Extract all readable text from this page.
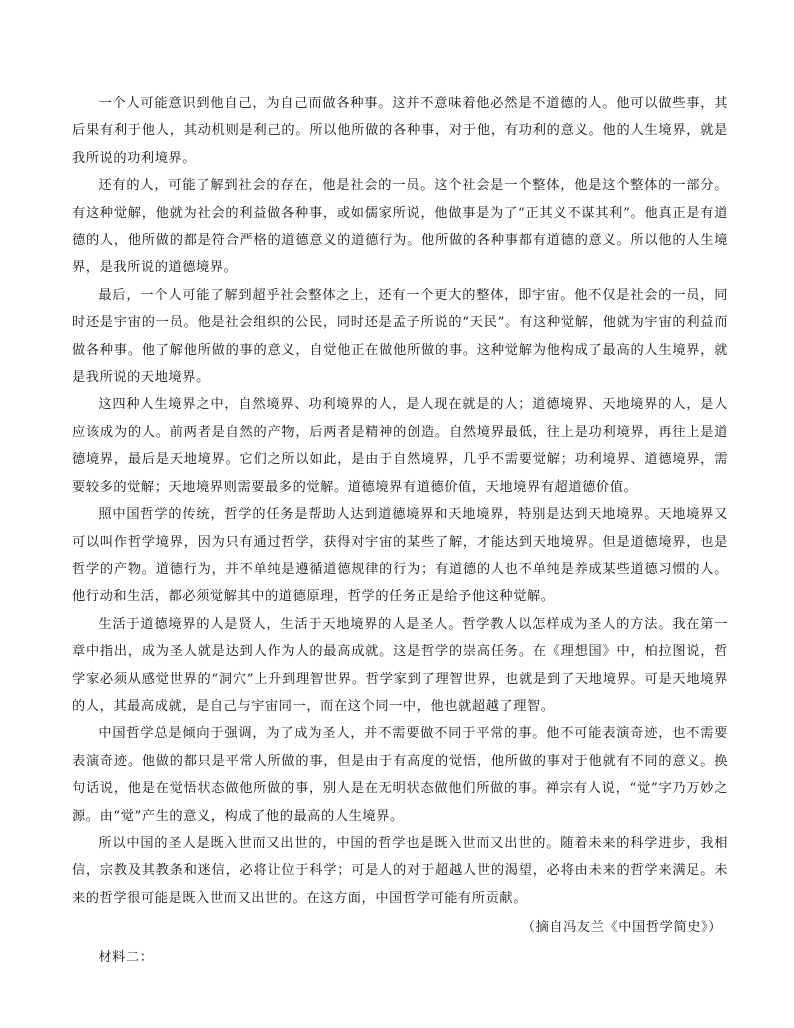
一个人可能意识到他自己，为自己而做各种事。这并不意味着他必然是不道德的人。他可以做些事，其后果有利于他人，其动机则是利己的。所以他所做的各种事，对于他，有功利的意义。他的人生境界，就是我所说的功利境界。

还有的人，可能了解到社会的存在，他是社会的一员。这个社会是一个整体，他是这个整体的一部分。有这种觉解，他就为社会的利益做各种事，或如儒家所说，他做事是为了“正其义不谋其利”。他真正是有道德的人，他所做的都是符合严格的道德意义的道德行为。他所做的各种事都有道德的意义。所以他的人生境界，是我所说的道德境界。

最后，一个人可能了解到超乎社会整体之上，还有一个更大的整体，即宇宙。他不仅是社会的一员，同时还是宇宙的一员。他是社会组织的公民，同时还是孟子所说的“天民”。有这种觉解，他就为宇宙的利益而做各种事。他了解他所做的事的意义，自觉他正在做他所做的事。这种觉解为他构成了最高的人生境界，就是我所说的天地境界。

这四种人生境界之中，自然境界、功利境界的人，是人现在就是的人；道德境界、天地境界的人，是人应该成为的人。前两者是自然的产物，后两者是精神的创造。自然境界最低，往上是功利境界，再往上是道德境界，最后是天地境界。它们之所以如此，是由于自然境界，几乎不需要觉解；功利境界、道德境界，需要较多的觉解；天地境界则需要最多的觉解。道德境界有道德价值，天地境界有超道德价值。

照中国哲学的传统，哲学的任务是帮助人达到道德境界和天地境界，特别是达到天地境界。天地境界又可以叫作哲学境界，因为只有通过哲学，获得对宇宙的某些了解，才能达到天地境界。但是道德境界，也是哲学的产物。道德行为，并不单纯是遵循道德规律的行为；有道德的人也不单纯是养成某些道德习惯的人。他行动和生活，都必须觉解其中的道德原理，哲学的任务正是给予他这种觉解。

生活于道德境界的人是贤人，生活于天地境界的人是圣人。哲学教人以怎样成为圣人的方法。我在第一章中指出，成为圣人就是达到人作为人的最高成就。这是哲学的崇高任务。在《理想国》中，柏拉图说，哲学家必须从感觉世界的“洞穴”上升到理智世界。哲学家到了理智世界，也就是到了天地境界。可是天地境界的人，其最高成就，是自己与宇宙同一，而在这个同一中，他也就超越了理智。

中国哲学总是倾向于强调，为了成为圣人，并不需要做不同于平常的事。他不可能表演奇迹，也不需要表演奇迹。他做的都只是平常人所做的事，但是由于有高度的觉悟，他所做的事对于他就有不同的意义。换句话说，他是在觉悟状态做他所做的事，别人是在无明状态做他们所做的事。禅宗有人说，“觉”字乃万妙之源。由“觉”产生的意义，构成了他的最高的人生境界。

所以中国的圣人是既入世而又出世的，中国的哲学也是既入世而又出世的。随着未来的科学进步，我相信，宗教及其教条和迷信，必将让位于科学；可是人的对于超越人世的渴望，必将由未来的哲学来满足。未来的哲学很可能是既入世而又出世的。在这方面，中国哲学可能有所贡献。

（摘自冯友兰《中国哲学简史》）

材料二：
